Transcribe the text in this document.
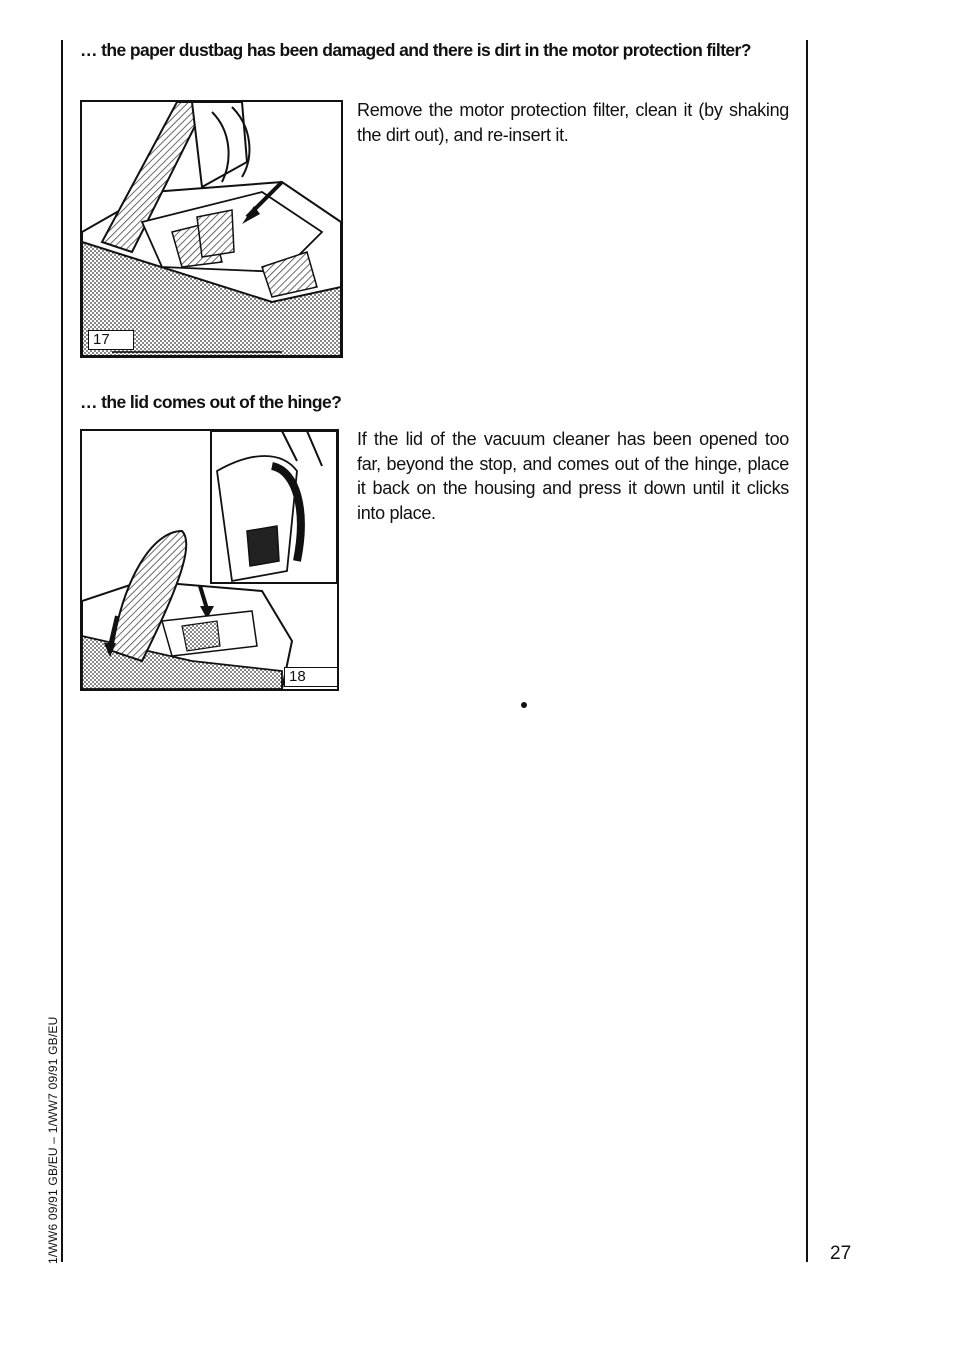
… the paper dustbag has been damaged and there is dirt in the motor protection filter?

17

Remove the motor protection filter, clean it (by shaking the dirt out), and re-insert it.

… the lid comes out of the hinge?

18

If the lid of the vacuum cleaner has been opened too far, beyond the stop, and comes out of the hinge, place it back on the housing and press it down until it clicks into place.

1/WW6 09/91 GB/EU – 1/WW7 09/91 GB/EU	27
